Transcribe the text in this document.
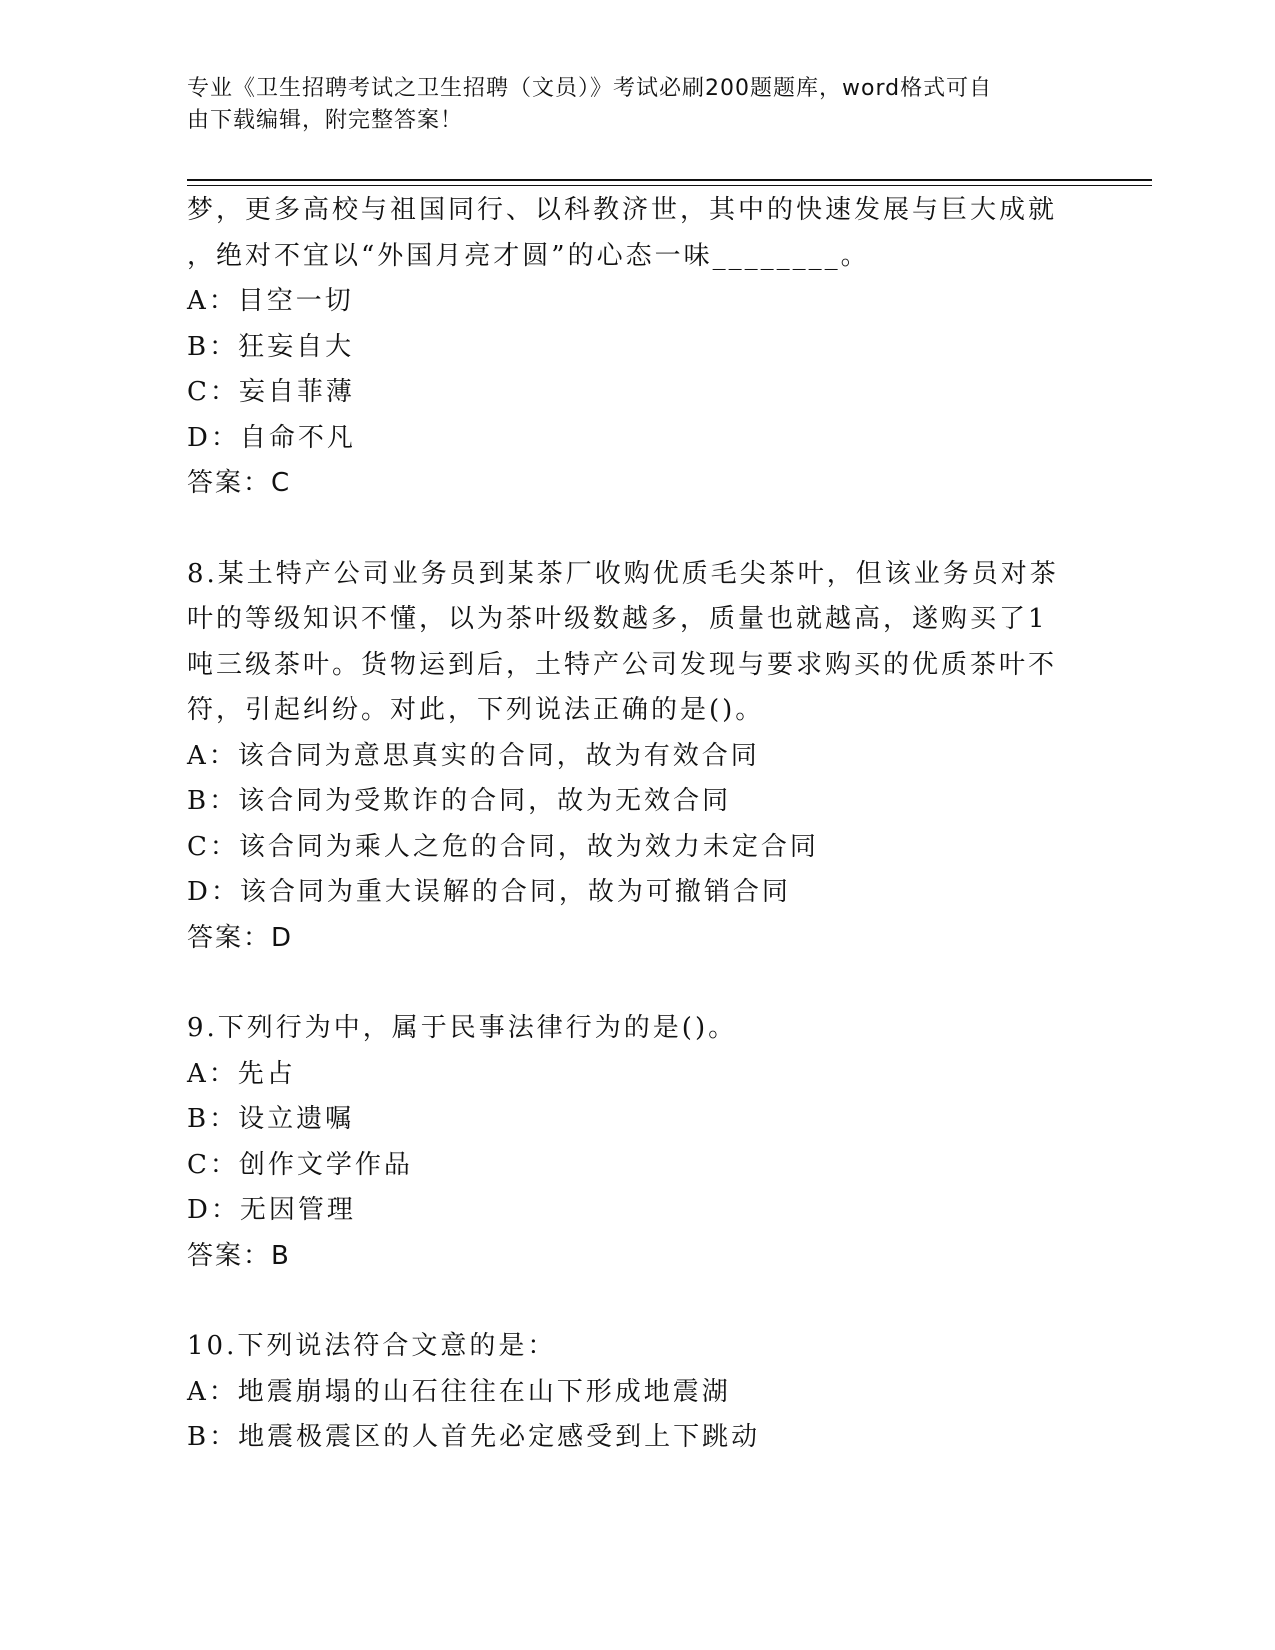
专业《卫生招聘考试之卫生招聘（文员）》考试必刷200题题库，word格式可自
由下载编辑，附完整答案！
梦，更多高校与祖国同行、以科教济世，其中的快速发展与巨大成就
，绝对不宜以“外国月亮才圆”的心态一味________。
A：目空一切
B：狂妄自大
C：妄自菲薄
D：自命不凡
答案：C
8.某土特产公司业务员到某茶厂收购优质毛尖茶叶，但该业务员对茶
叶的等级知识不懂，以为茶叶级数越多，质量也就越高，遂购买了1
吨三级茶叶。货物运到后，土特产公司发现与要求购买的优质茶叶不
符，引起纠纷。对此，下列说法正确的是()。
A：该合同为意思真实的合同，故为有效合同
B：该合同为受欺诈的合同，故为无效合同
C：该合同为乘人之危的合同，故为效力未定合同
D：该合同为重大误解的合同，故为可撤销合同
答案：D
9.下列行为中，属于民事法律行为的是()。
A：先占
B：设立遗嘱
C：创作文学作品
D：无因管理
答案：B
10.下列说法符合文意的是：
A：地震崩塌的山石往往在山下形成地震湖
B：地震极震区的人首先必定感受到上下跳动
